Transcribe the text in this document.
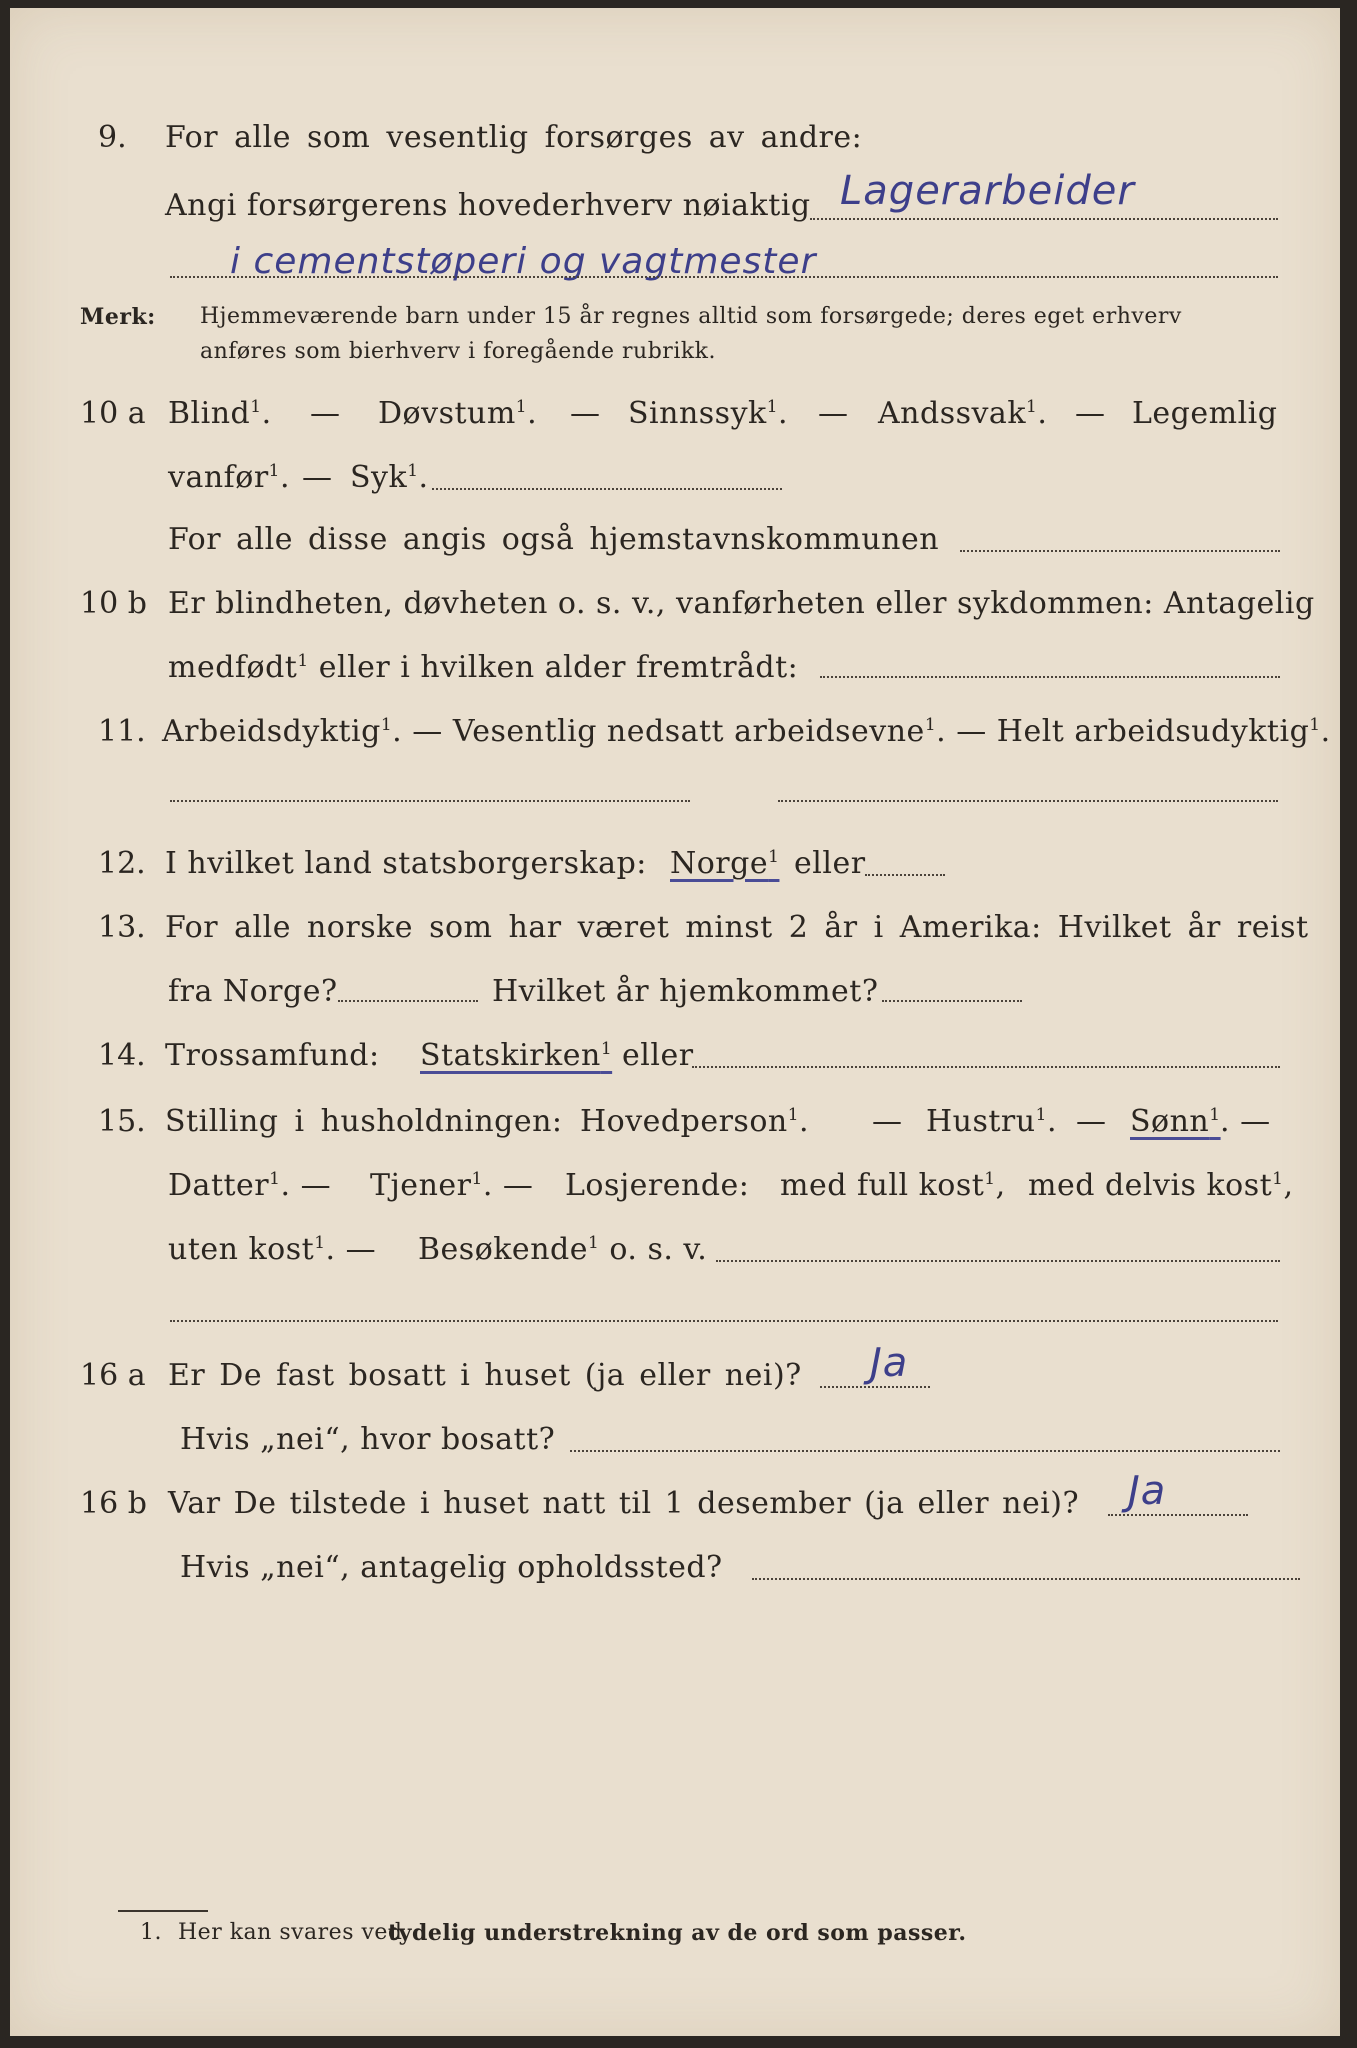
9. For alle som vesentlig forsørges av andre:
Angi forsørgerens hovederhverv nøiaktig Lagerarbeider
i cementstøperi og vagtmester
Merk: Hjemmeværende barn under 15 år regnes alltid som forsørgede; deres eget erhverv
anføres som bierhverv i foregående rubrikk.
10 a Blind$^1$. — Døvstum$^1$. — Sinnssyk$^1$. — Andssvak$^1$. — Legemlig
vanfør$^1$. — Syk$^1$.
For alle disse angis også hjemstavnskommunen
10 b Er blindheten, døvheten o. s. v., vanførheten eller sykdommen: Antagelig
medfødt$^1$ eller i hvilken alder fremtrådt:
11. Arbeidsdyktig$^1$. — Vesentlig nedsatt arbeidsevne$^1$. — Helt arbeidsudyktig$^1$.
12. I hvilket land statsborgerskap: Norge$^1$ eller
13. For alle norske som har været minst 2 år i Amerika: Hvilket år reist
fra Norge?	Hvilket år hjemkommet?
14. Trossamfund: Statskirken$^1$ eller
15. Stilling i husholdningen: Hovedperson$^1$. — Hustru$^1$. — Sønn$^1$ . —
Datter$^1$. — Tjener$^1$. — Losjerende: med full kost$^1$, med delvis kost$^1$,
uten kost$^1$. — Besøkende$^1$ o. s. v.
16 a Er De fast bosatt i huset (ja eller nei)? Ja
Hvis „nei“, hvor bosatt?
16 b Var De tilstede i huset natt til 1 desember (ja eller nei)? Ja
Hvis „nei“, antagelig opholdssted?
1. Her kan svares ved
tydelig understrekning av de ord som passer.
